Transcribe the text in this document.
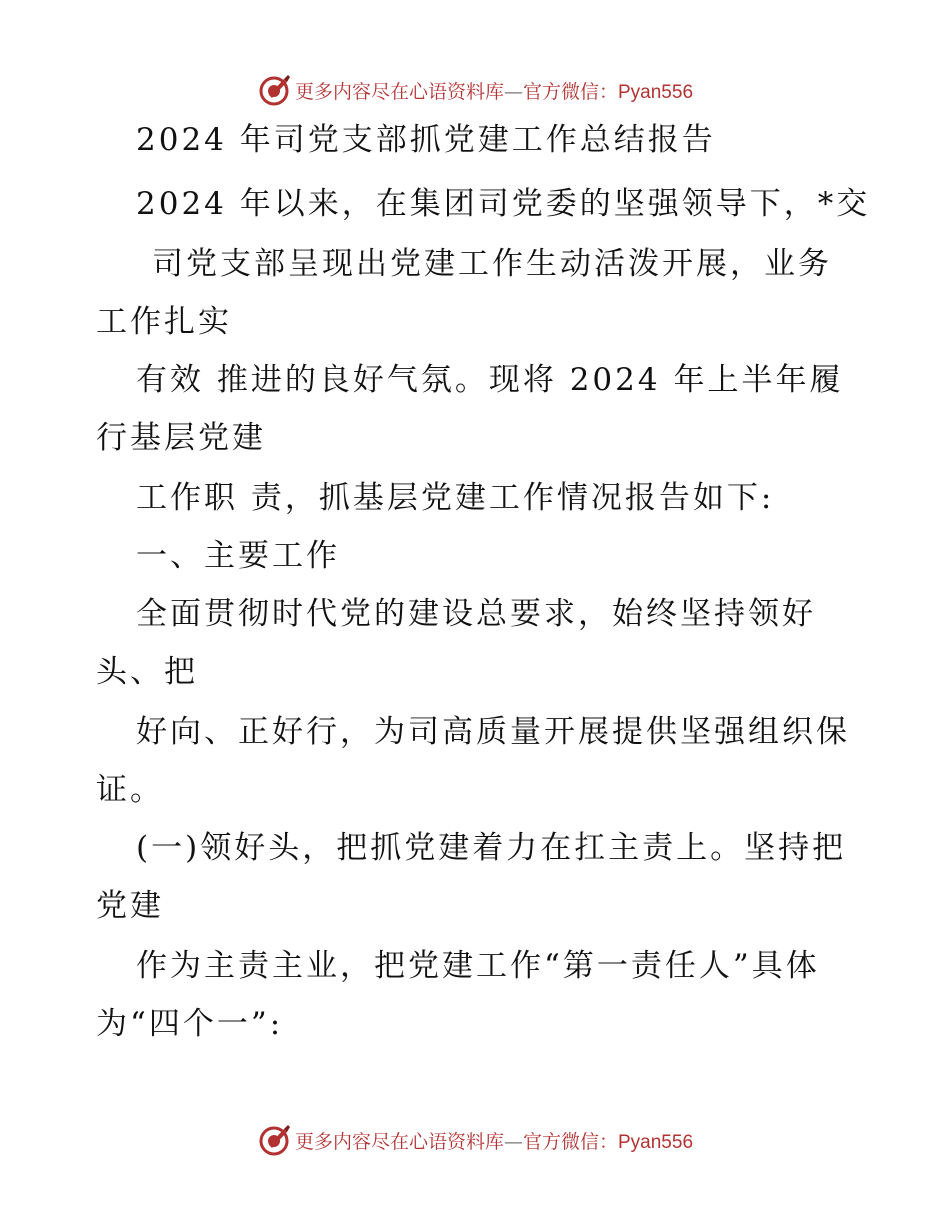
更多内容尽在心语资料库—官方微信：Pyan556
2024 年司党支部抓党建工作总结报告
2024 年以来，在集团司党委的坚强领导下，*交
司党支部呈现出党建工作生动活泼开展，业务
工作扎实
有效 推进的良好气氛。现将 2024 年上半年履
行基层党建
工作职 责，抓基层党建工作情况报告如下:
一、主要工作
全面贯彻时代党的建设总要求，始终坚持领好
头、把
好向、正好行，为司高质量开展提供坚强组织保
证。
(一)领好头，把抓党建着力在扛主责上。坚持把
党建
作为主责主业，把党建工作“第一责任人”具体
为“四个一”:
更多内容尽在心语资料库—官方微信：Pyan556
